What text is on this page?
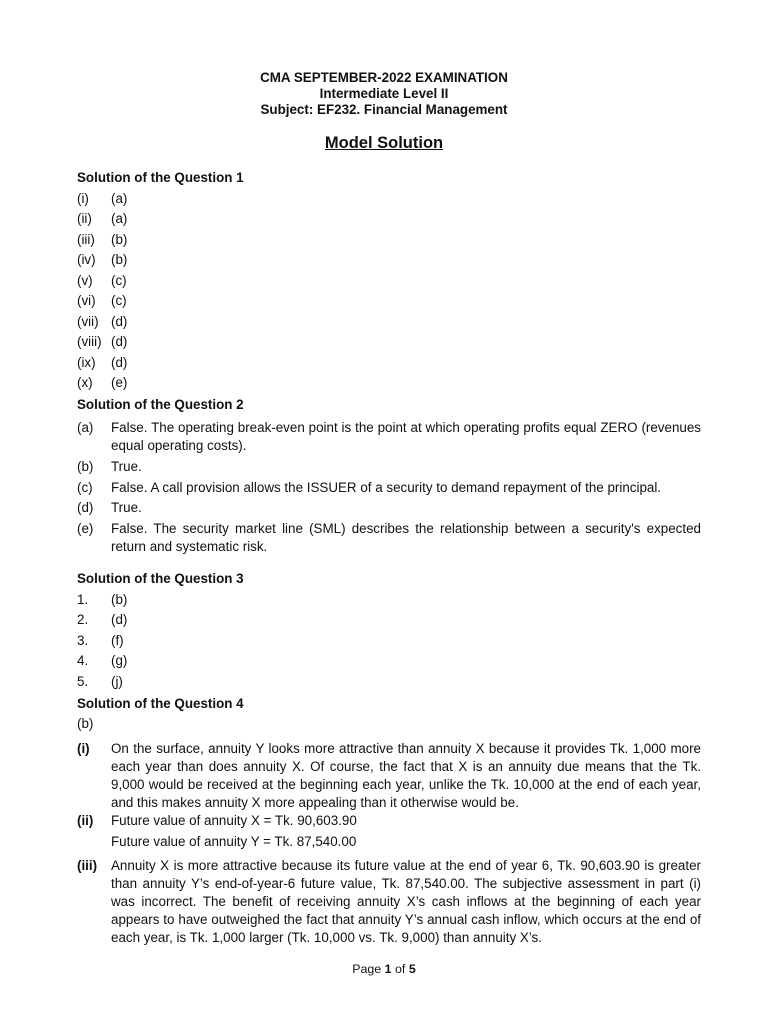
CMA SEPTEMBER-2022 EXAMINATION
Intermediate Level II
Subject: EF232. Financial Management
Model Solution
Solution of the Question 1
(i) (a)
(ii) (a)
(iii) (b)
(iv) (b)
(v) (c)
(vi) (c)
(vii) (d)
(viii) (d)
(ix) (d)
(x) (e)
Solution of the Question 2
(a) False. The operating break-even point is the point at which operating profits equal ZERO (revenues equal operating costs).
(b) True.
(c) False. A call provision allows the ISSUER of a security to demand repayment of the principal.
(d) True.
(e) False. The security market line (SML) describes the relationship between a security's expected return and systematic risk.
Solution of the Question 3
1. (b)
2. (d)
3. (f)
4. (g)
5. (j)
Solution of the Question 4
(b)
(i) On the surface, annuity Y looks more attractive than annuity X because it provides Tk. 1,000 more each year than does annuity X. Of course, the fact that X is an annuity due means that the Tk. 9,000 would be received at the beginning each year, unlike the Tk. 10,000 at the end of each year, and this makes annuity X more appealing than it otherwise would be.
(ii) Future value of annuity X = Tk. 90,603.90
Future value of annuity Y = Tk. 87,540.00
(iii) Annuity X is more attractive because its future value at the end of year 6, Tk. 90,603.90 is greater than annuity Y’s end-of-year-6 future value, Tk. 87,540.00. The subjective assessment in part (i) was incorrect. The benefit of receiving annuity X’s cash inflows at the beginning of each year appears to have outweighed the fact that annuity Y’s annual cash inflow, which occurs at the end of each year, is Tk. 1,000 larger (Tk. 10,000 vs. Tk. 9,000) than annuity X’s.
Page 1 of 5
